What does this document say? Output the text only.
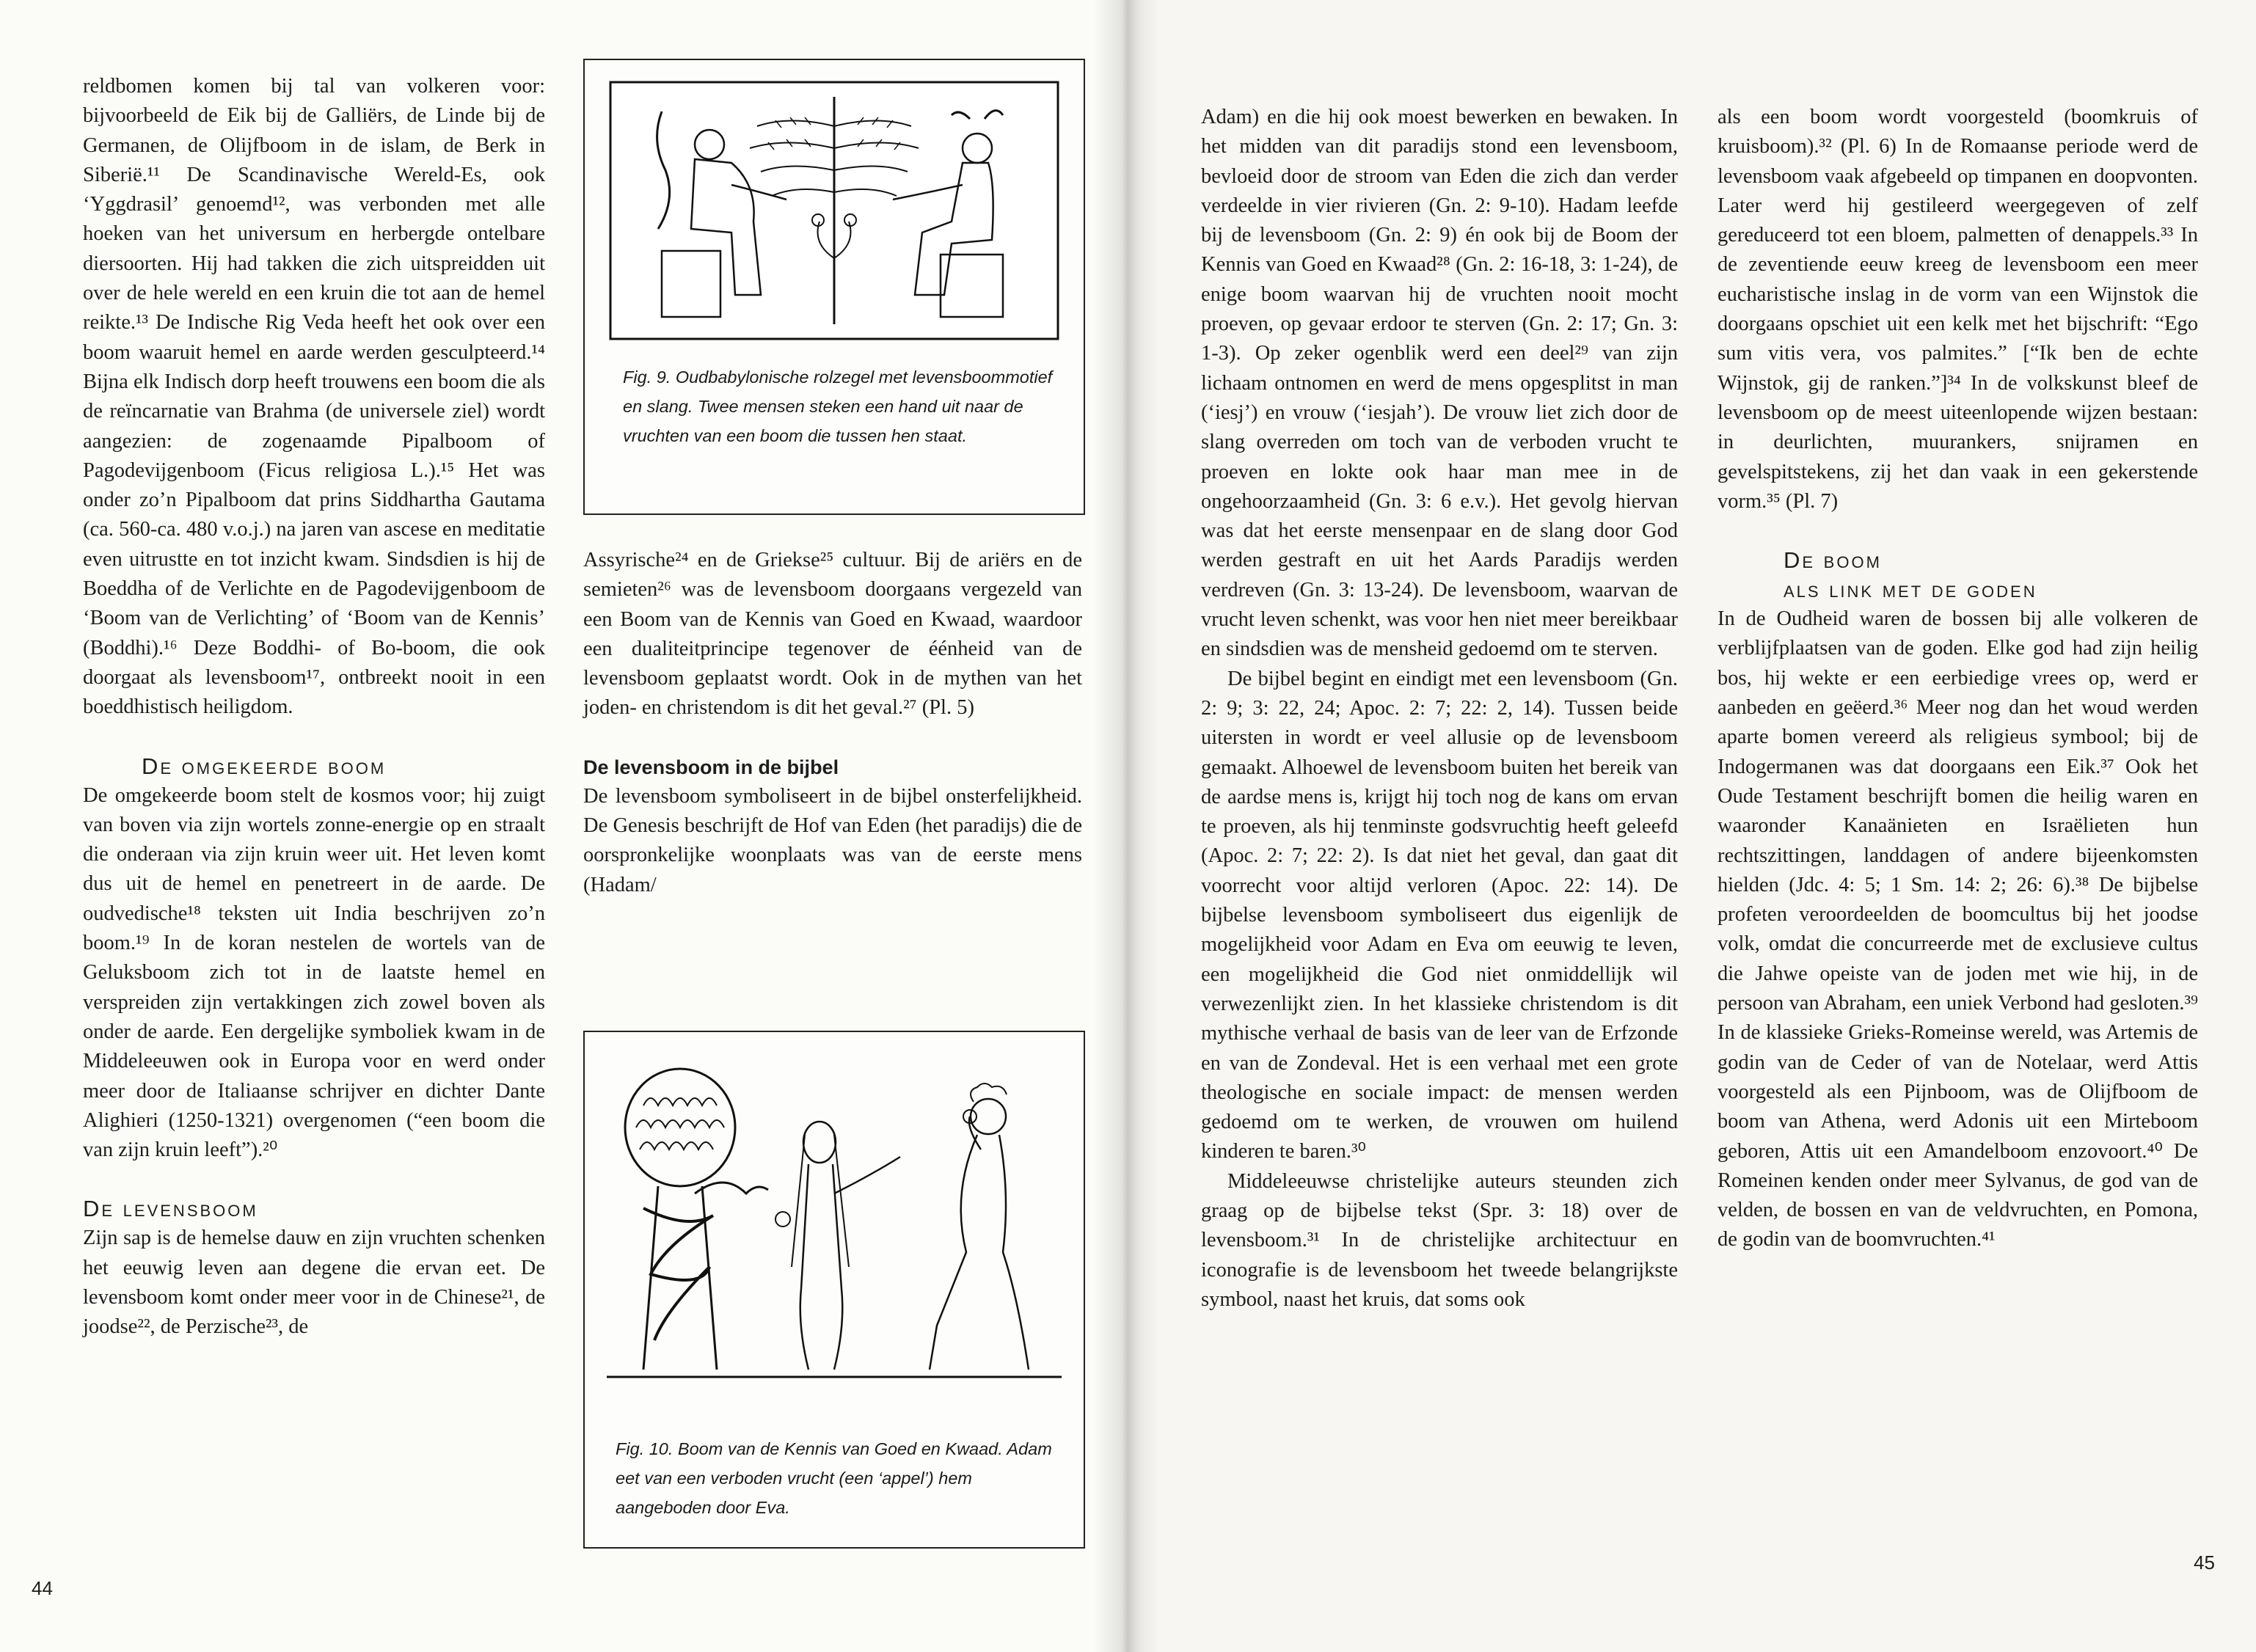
reldbomen komen bij tal van volkeren voor: bijvoorbeeld de Eik bij de Galliërs, de Linde bij de Germanen, de Olijfboom in de islam, de Berk in Siberië.¹¹ De Scandinavische Wereld-Es, ook ‘Yggdrasil’ genoemd¹², was verbonden met alle hoeken van het universum en herbergde ontelbare diersoorten. Hij had takken die zich uitspreidden uit over de hele wereld en een kruin die tot aan de hemel reikte.¹³ De Indische Rig Veda heeft het ook over een boom waaruit hemel en aarde werden gesculpteerd.¹⁴ Bijna elk Indisch dorp heeft trouwens een boom die als de reïncarnatie van Brahma (de universele ziel) wordt aangezien: de zogenaamde Pipalboom of Pagodevijgenboom (Ficus religiosa L.).¹⁵ Het was onder zo’n Pipalboom dat prins Siddhartha Gautama (ca. 560-ca. 480 v.o.j.) na jaren van ascese en meditatie even uitrustte en tot inzicht kwam. Sindsdien is hij de Boeddha of de Verlichte en de Pagodevijgenboom de ‘Boom van de Verlichting’ of ‘Boom van de Kennis’ (Boddhi).¹⁶ Deze Boddhi- of Bo-boom, die ook doorgaat als levensboom¹⁷, ontbreekt nooit in een boeddhistisch heiligdom.

De omgekeerde boom

De omgekeerde boom stelt de kosmos voor; hij zuigt van boven via zijn wortels zonne-energie op en straalt die onderaan via zijn kruin weer uit. Het leven komt dus uit de hemel en penetreert in de aarde. De oudvedische¹⁸ teksten uit India beschrijven zo’n boom.¹⁹ In de koran nestelen de wortels van de Geluksboom zich tot in de laatste hemel en verspreiden zijn vertakkingen zich zowel boven als onder de aarde. Een dergelijke symboliek kwam in de Middeleeuwen ook in Europa voor en werd onder meer door de Italiaanse schrijver en dichter Dante Alighieri (1250-1321) overgenomen (“een boom die van zijn kruin leeft”).²⁰

De levensboom

Zijn sap is de hemelse dauw en zijn vruchten schenken het eeuwig leven aan degene die ervan eet. De levensboom komt onder meer voor in de Chinese²¹, de joodse²², de Perzische²³, de

Fig. 9. Oudbabylonische rolzegel met levensboommotief en slang. Twee mensen steken een hand uit naar de vruchten van een boom die tussen hen staat.

Assyrische²⁴ en de Griekse²⁵ cultuur. Bij de ariërs en de semieten²⁶ was de levensboom doorgaans vergezeld van een Boom van de Kennis van Goed en Kwaad, waardoor een dualiteitprincipe tegenover de éénheid van de levensboom geplaatst wordt. Ook in de mythen van het joden- en christendom is dit het geval.²⁷ (Pl. 5)

De levensboom in de bijbel

De levensboom symboliseert in de bijbel onsterfelijkheid. De Genesis beschrijft de Hof van Eden (het paradijs) die de oorspronkelijke woonplaats was van de eerste mens (Hadam/

Fig. 10. Boom van de Kennis van Goed en Kwaad. Adam eet van een verboden vrucht (een ‘appel’) hem aangeboden door Eva.
44

Adam) en die hij ook moest bewerken en bewaken. In het midden van dit paradijs stond een levensboom, bevloeid door de stroom van Eden die zich dan verder verdeelde in vier rivieren (Gn. 2: 9-10). Hadam leefde bij de levensboom (Gn. 2: 9) én ook bij de Boom der Kennis van Goed en Kwaad²⁸ (Gn. 2: 16-18, 3: 1-24), de enige boom waarvan hij de vruchten nooit mocht proeven, op gevaar erdoor te sterven (Gn. 2: 17; Gn. 3: 1-3). Op zeker ogenblik werd een deel²⁹ van zijn lichaam ontnomen en werd de mens opgesplitst in man (‘iesj’) en vrouw (‘iesjah’). De vrouw liet zich door de slang overreden om toch van de verboden vrucht te proeven en lokte ook haar man mee in de ongehoorzaamheid (Gn. 3: 6 e.v.). Het gevolg hiervan was dat het eerste mensenpaar en de slang door God werden gestraft en uit het Aards Paradijs werden verdreven (Gn. 3: 13-24). De levensboom, waarvan de vrucht leven schenkt, was voor hen niet meer bereikbaar en sindsdien was de mensheid gedoemd om te sterven.

De bijbel begint en eindigt met een levensboom (Gn. 2: 9; 3: 22, 24; Apoc. 2: 7; 22: 2, 14). Tussen beide uitersten in wordt er veel allusie op de levensboom gemaakt. Alhoewel de levensboom buiten het bereik van de aardse mens is, krijgt hij toch nog de kans om ervan te proeven, als hij tenminste godsvruchtig heeft geleefd (Apoc. 2: 7; 22: 2). Is dat niet het geval, dan gaat dit voorrecht voor altijd verloren (Apoc. 22: 14). De bijbelse levensboom symboliseert dus eigenlijk de mogelijkheid voor Adam en Eva om eeuwig te leven, een mogelijkheid die God niet onmiddellijk wil verwezenlijkt zien. In het klassieke christendom is dit mythische verhaal de basis van de leer van de Erfzonde en van de Zondeval. Het is een verhaal met een grote theologische en sociale impact: de mensen werden gedoemd om te werken, de vrouwen om huilend kinderen te baren.³⁰

Middeleeuwse christelijke auteurs steunden zich graag op de bijbelse tekst (Spr. 3: 18) over de levensboom.³¹ In de christelijke architectuur en iconografie is de levensboom het tweede belangrijkste symbool, naast het kruis, dat soms ook

als een boom wordt voorgesteld (boomkruis of kruisboom).³² (Pl. 6) In de Romaanse periode werd de levensboom vaak afgebeeld op timpanen en doopvonten. Later werd hij gestileerd weergegeven of zelf gereduceerd tot een bloem, palmetten of denappels.³³ In de zeventiende eeuw kreeg de levensboom een meer eucharistische inslag in de vorm van een Wijnstok die doorgaans opschiet uit een kelk met het bijschrift: “Ego sum vitis vera, vos palmites.” [“Ik ben de echte Wijnstok, gij de ranken.”]³⁴ In de volkskunst bleef de levensboom op de meest uiteenlopende wijzen bestaan: in deurlichten, muurankers, snijramen en gevelspitstekens, zij het dan vaak in een gekerstende vorm.³⁵ (Pl. 7)

De boom

als link met de goden

In de Oudheid waren de bossen bij alle volkeren de verblijfplaatsen van de goden. Elke god had zijn heilig bos, hij wekte er een eerbiedige vrees op, werd er aanbeden en geëerd.³⁶ Meer nog dan het woud werden aparte bomen vereerd als religieus symbool; bij de Indogermanen was dat doorgaans een Eik.³⁷ Ook het Oude Testament beschrijft bomen die heilig waren en waaronder Kanaänieten en Israëlieten hun rechtszittingen, landdagen of andere bijeenkomsten hielden (Jdc. 4: 5; 1 Sm. 14: 2; 26: 6).³⁸ De bijbelse profeten veroordeelden de boomcultus bij het joodse volk, omdat die concurreerde met de exclusieve cultus die Jahwe opeiste van de joden met wie hij, in de persoon van Abraham, een uniek Verbond had gesloten.³⁹ In de klassieke Grieks-Romeinse wereld, was Artemis de godin van de Ceder of van de Notelaar, werd Attis voorgesteld als een Pijnboom, was de Olijfboom de boom van Athena, werd Adonis uit een Mirteboom geboren, Attis uit een Amandelboom enzovoort.⁴⁰ De Romeinen kenden onder meer Sylvanus, de god van de velden, de bossen en van de veldvruchten, en Pomona, de godin van de boomvruchten.⁴¹

45
